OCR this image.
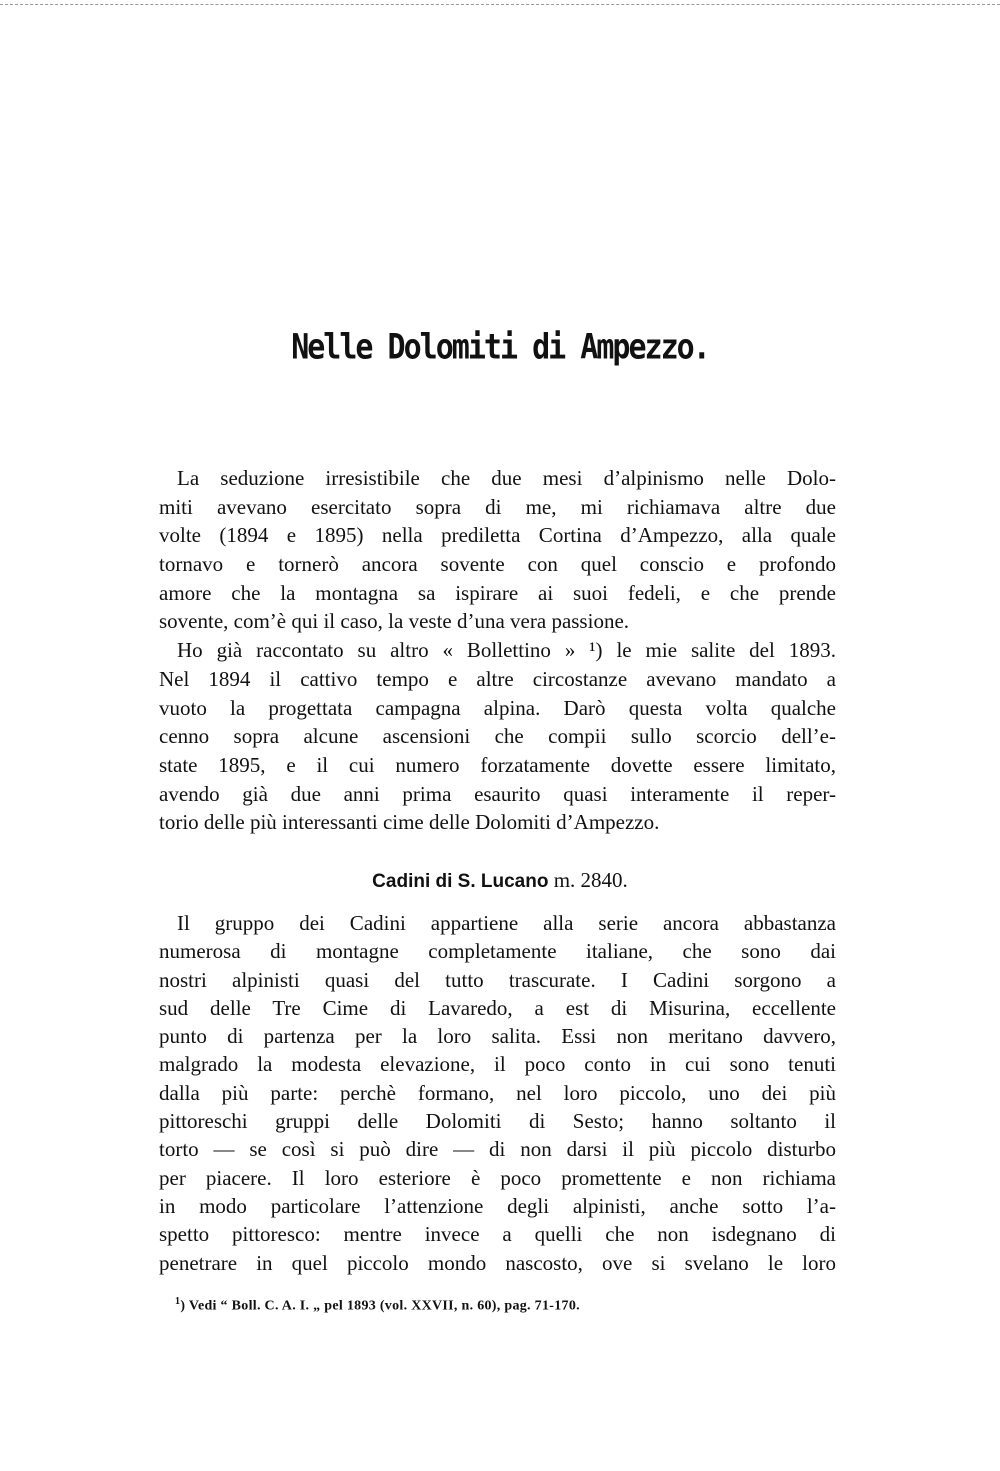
Nelle Dolomiti di Ampezzo.
La seduzione irresistibile che due mesi d’alpinismo nelle Dolo-
miti avevano esercitato sopra di me, mi richiamava altre due
volte (1894 e 1895) nella prediletta Cortina d’Ampezzo, alla quale
tornavo e tornerò ancora sovente con quel conscio e profondo
amore che la montagna sa ispirare ai suoi fedeli, e che prende
sovente, com’è qui il caso, la veste d’una vera passione.
Ho già raccontato su altro « Bollettino » ¹) le mie salite del 1893.
Nel 1894 il cattivo tempo e altre circostanze avevano mandato a
vuoto la progettata campagna alpina. Darò questa volta qualche
cenno sopra alcune ascensioni che compii sullo scorcio dell’e-
state 1895, e il cui numero forzatamente dovette essere limitato,
avendo già due anni prima esaurito quasi interamente il reper-
torio delle più interessanti cime delle Dolomiti d’Ampezzo.
Cadini di S. Lucano m. 2840.
Il gruppo dei Cadini appartiene alla serie ancora abbastanza
numerosa di montagne completamente italiane, che sono dai
nostri alpinisti quasi del tutto trascurate. I Cadini sorgono a
sud delle Tre Cime di Lavaredo, a est di Misurina, eccellente
punto di partenza per la loro salita. Essi non meritano davvero,
malgrado la modesta elevazione, il poco conto in cui sono tenuti
dalla più parte: perchè formano, nel loro piccolo, uno dei più
pittoreschi gruppi delle Dolomiti di Sesto; hanno soltanto il
torto — se così si può dire — di non darsi il più piccolo disturbo
per piacere. Il loro esteriore è poco promettente e non richiama
in modo particolare l’attenzione degli alpinisti, anche sotto l’a-
spetto pittoresco: mentre invece a quelli che non isdegnano di
penetrare in quel piccolo mondo nascosto, ove si svelano le loro
$^1$) Vedi “ Boll. C. A. I. „ pel 1893 (vol. XXVII, n. 60), pag. 71-170.
